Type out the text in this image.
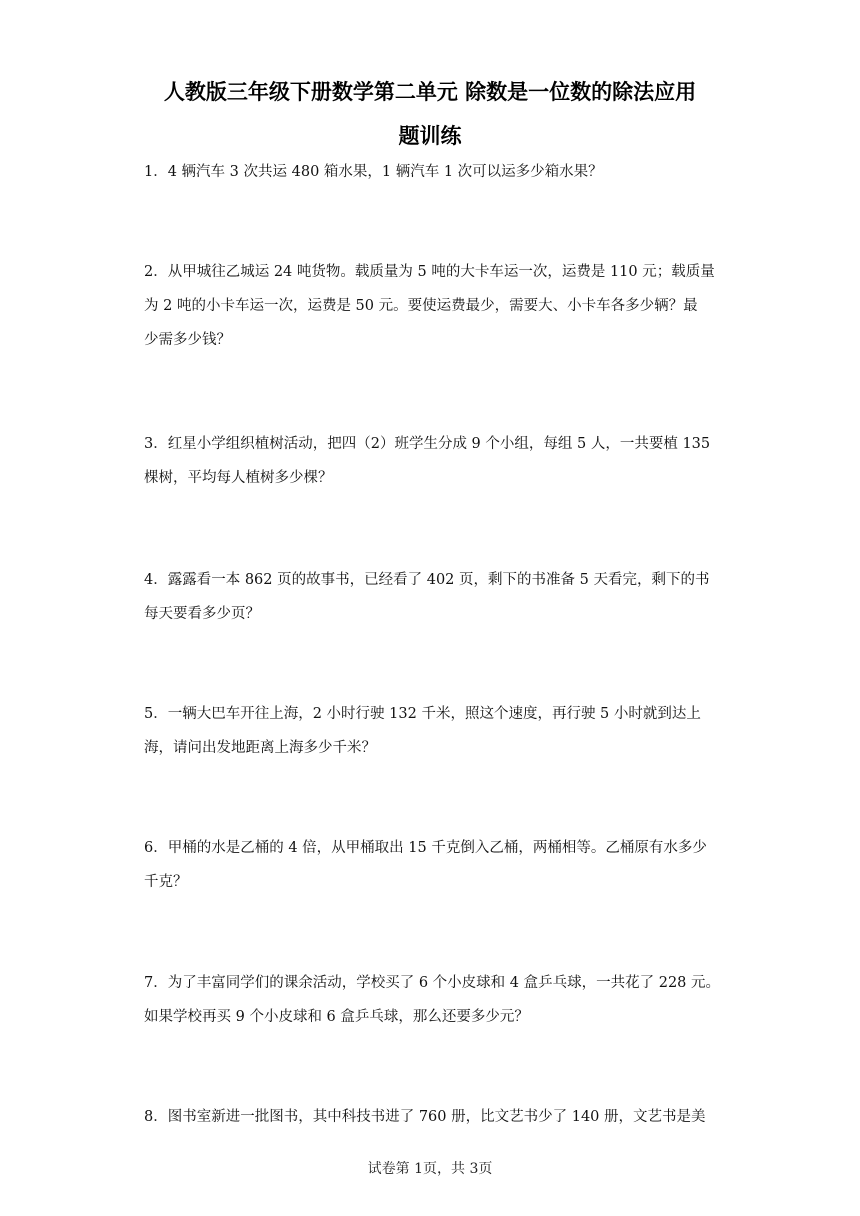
人教版三年级下册数学第二单元 除数是一位数的除法应用
题训练
1．4 辆汽车 3 次共运 480 箱水果，1 辆汽车 1 次可以运多少箱水果？
2．从甲城往乙城运 24 吨货物。载质量为 5 吨的大卡车运一次，运费是 110 元；载质量
为 2 吨的小卡车运一次，运费是 50 元。要使运费最少，需要大、小卡车各多少辆？最
少需多少钱？
3．红星小学组织植树活动，把四（2）班学生分成 9 个小组，每组 5 人，一共要植 135
棵树，平均每人植树多少棵？
4．露露看一本 862 页的故事书，已经看了 402 页，剩下的书准备 5 天看完，剩下的书
每天要看多少页？
5．一辆大巴车开往上海，2 小时行驶 132 千米，照这个速度，再行驶 5 小时就到达上
海，请问出发地距离上海多少千米？
6．甲桶的水是乙桶的 4 倍，从甲桶取出 15 千克倒入乙桶，两桶相等。乙桶原有水多少
千克？
7．为了丰富同学们的课余活动，学校买了 6 个小皮球和 4 盒乒乓球，一共花了 228 元。
如果学校再买 9 个小皮球和 6 盒乒乓球，那么还要多少元？
8．图书室新进一批图书，其中科技书进了 760 册，比文艺书少了 140 册，文艺书是美
试卷第 1页，共 3页
